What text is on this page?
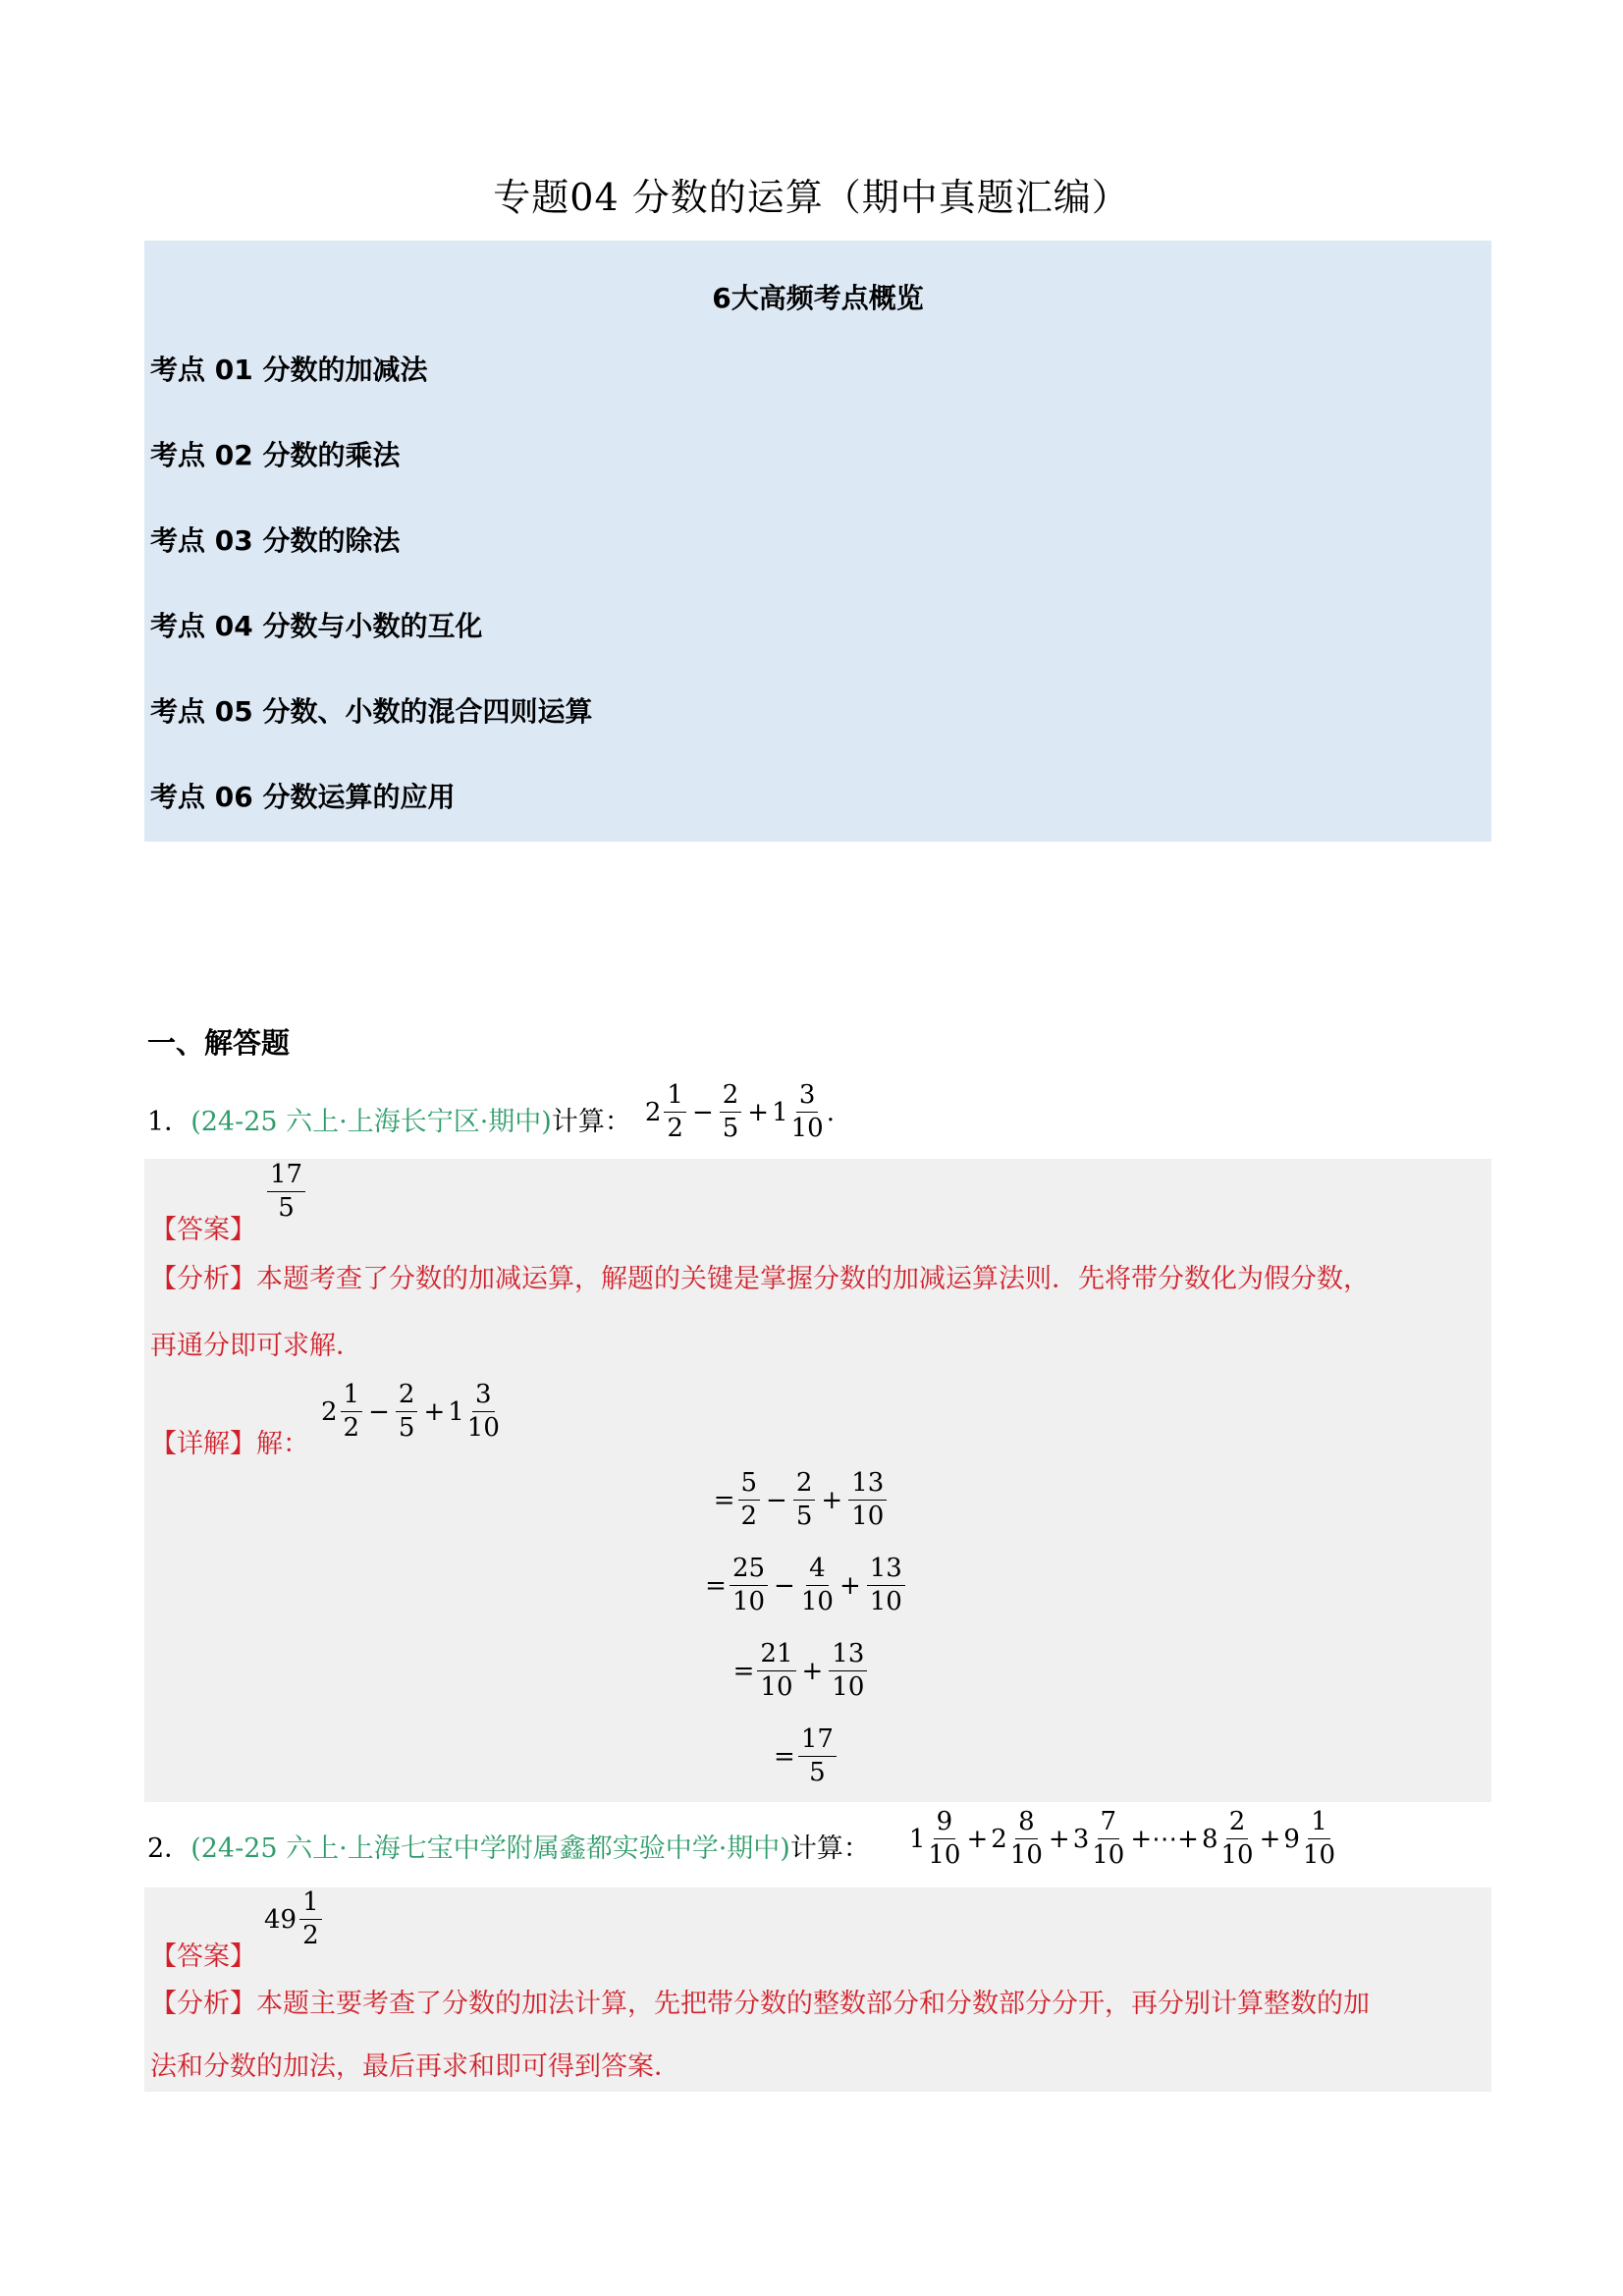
专题04 分数的运算（期中真题汇编）
6大高频考点概览
考点 01 分数的加减法
考点 02 分数的乘法
考点 03 分数的除法
考点 04 分数与小数的互化
考点 05 分数、小数的混合四则运算
考点 06 分数运算的应用
一、解答题
1． (24-25 六上·上海长宁区·期中) 计算： 2
1
2
− $\frac{2}{5} + 1 \frac{3}{10}$ .
【答案】
$\frac{17}{5}$
【分析】本题考查了分数的加减运算，解题的关键是掌握分数的加减运算法则．先将带分数化为假分数，
再通分即可求解．
【详解】解：
2
1
2
− $\frac{2}{5} + 1 \frac{3}{10}$
=
5
2
− $\frac{2}{5} + \frac{13}{10}$
=
25
10
− $\frac{4}{10} + \frac{13}{10}$
=
21
10
+ $\frac{13}{10}$
=
17
5
2． (24-25 六上·上海七宝中学附属鑫都实验中学·期中) 计算： 1
9
10
+ $2 \frac{8}{10} + 3 \frac{7}{10}$ +⋯+ $8 \frac{2}{10} + 9 \frac{1}{10}$
【答案】
$49 \frac{1}{2}$
【分析】本题主要考查了分数的加法计算，先把带分数的整数部分和分数部分分开，再分别计算整数的加
法和分数的加法，最后再求和即可得到答案．
